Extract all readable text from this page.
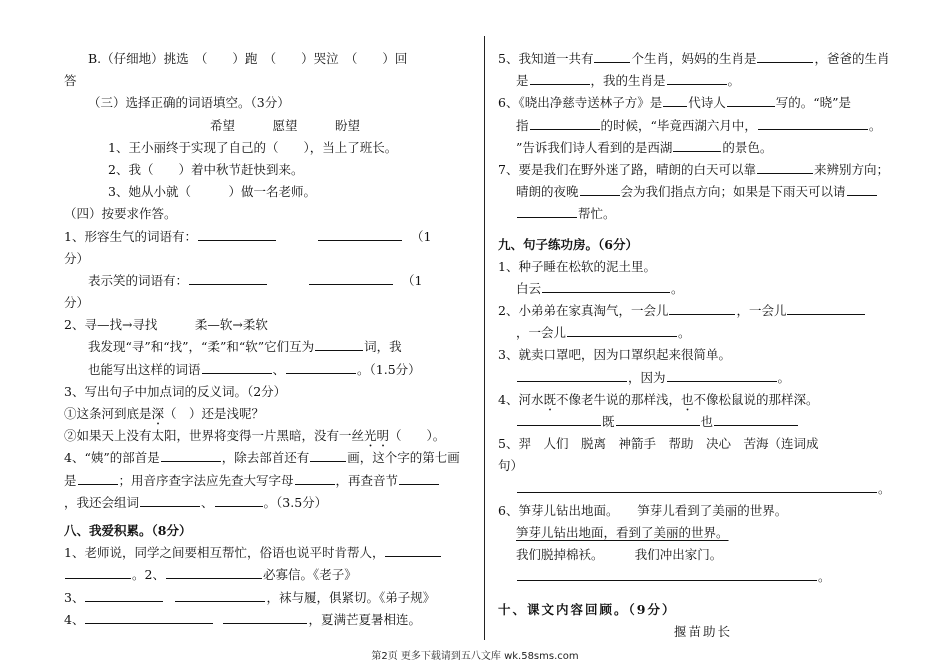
B.（仔细地）挑选　（　　）跑　（　　）哭泣　（　　）回
答
（三）选择正确的词语填空。（3分）
希望　　　愿望　　　盼望
1、王小丽终于实现了自己的（　　），当上了班长。
2、我（　　）着中秋节赶快到来。
3、她从小就（　　　）做一名老师。
（四）按要求作答。
1、形容生气的词语有：	（1
分）
表示笑的词语有：	（1
分）
2、寻—找→寻找　　　柔—软→柔软
我发现“寻”和“找”，“柔”和“软”它们互为	词，我
也能写出这样的词语	、	。（1.5分）
3、写出句子中加点词的反义词。（2分）
①这条河到底是深（　）还是浅呢？
②如果天上没有太阳，世界将变得一片黑暗，没有一丝光明（　　）。
4、“姨”的部首是	，除去部首还有	画，这个字的第七画
是	；用音序查字法应先查大写字母	，再查音节
，我还会组词	、	。（3.5分）
八、我爱积累。（8分）
1、老师说，同学之间要相互帮忙，俗语也说平时肯帮人，
。2、	必寡信。《老子》
3、	，袜与履，俱紧切。《弟子规》
4、	，夏满芒夏暑相连。
5、我知道一共有	个生肖，妈妈的生肖是	，爸爸的生肖
是	，我的生肖是	。
6、《晓出净慈寺送林子方》是 代诗人	写的。“晓”是
指	的时候，“毕竟西湖六月中，	。
”告诉我们诗人看到的是西湖	的景色。
7、要是我们在野外迷了路，晴朗的白天可以靠	来辨别方向；
晴朗的夜晚	会为我们指点方向；如果是下雨天可以请
帮忙。
九、句子练功房。（6分）
1、种子睡在松软的泥土里。
白云	。
2、小弟弟在家真淘气，一会儿	，一会儿
，一会儿	。
3、就卖口罩吧，因为口罩织起来很简单。
，因为	。
4、河水既不像老牛说的那样浅，也不像松鼠说的那样深。
既	也
5、羿　人们　脱离　神箭手　帮助　决心　苦海（连词成
句）
。
6、笋芽儿钻出地面。　　笋芽儿看到了美丽的世界。
笋芽儿钻出地面，看到了美丽的世界。
我们脱掉棉袄。　　　我们冲出家门。
。
十、课文内容回顾。（9分）
揠苗助长
第2页 更多下载请到五八文库 wk.58sms.com
